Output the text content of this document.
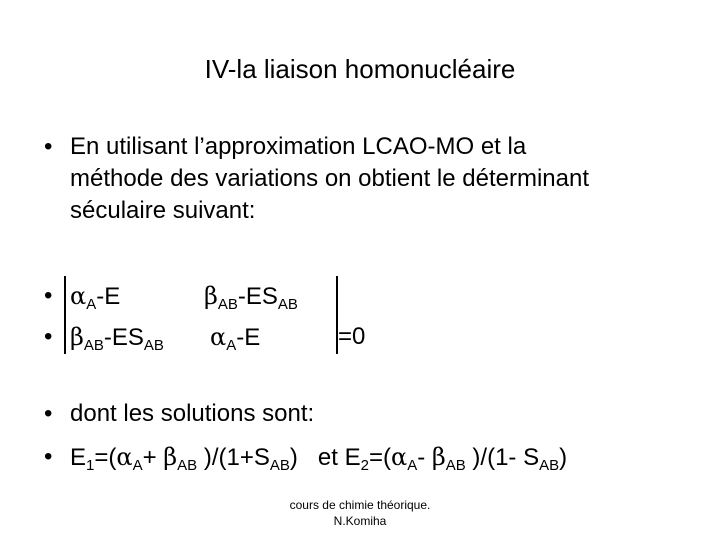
IV-la liaison homonucléaire
• En utilisant l’approximation LCAO-MO et la
méthode des variations on obtient le déterminant
séculaire suivant:
• $\alpha_A-E$	$\beta_{AB}-ES_{AB}$
• $\beta_{AB}-ES_{AB}$ $\alpha_A-E$	=0
• dont les solutions sont:
• $E_1=(\alpha_A+ \beta_{AB}$ )$/(1+S_{AB})$   et $E_2=(\alpha_A-$ $\beta_{AB}$ )/(1- $S_{AB}$)
cours de chimie théorique.
N.Komiha
